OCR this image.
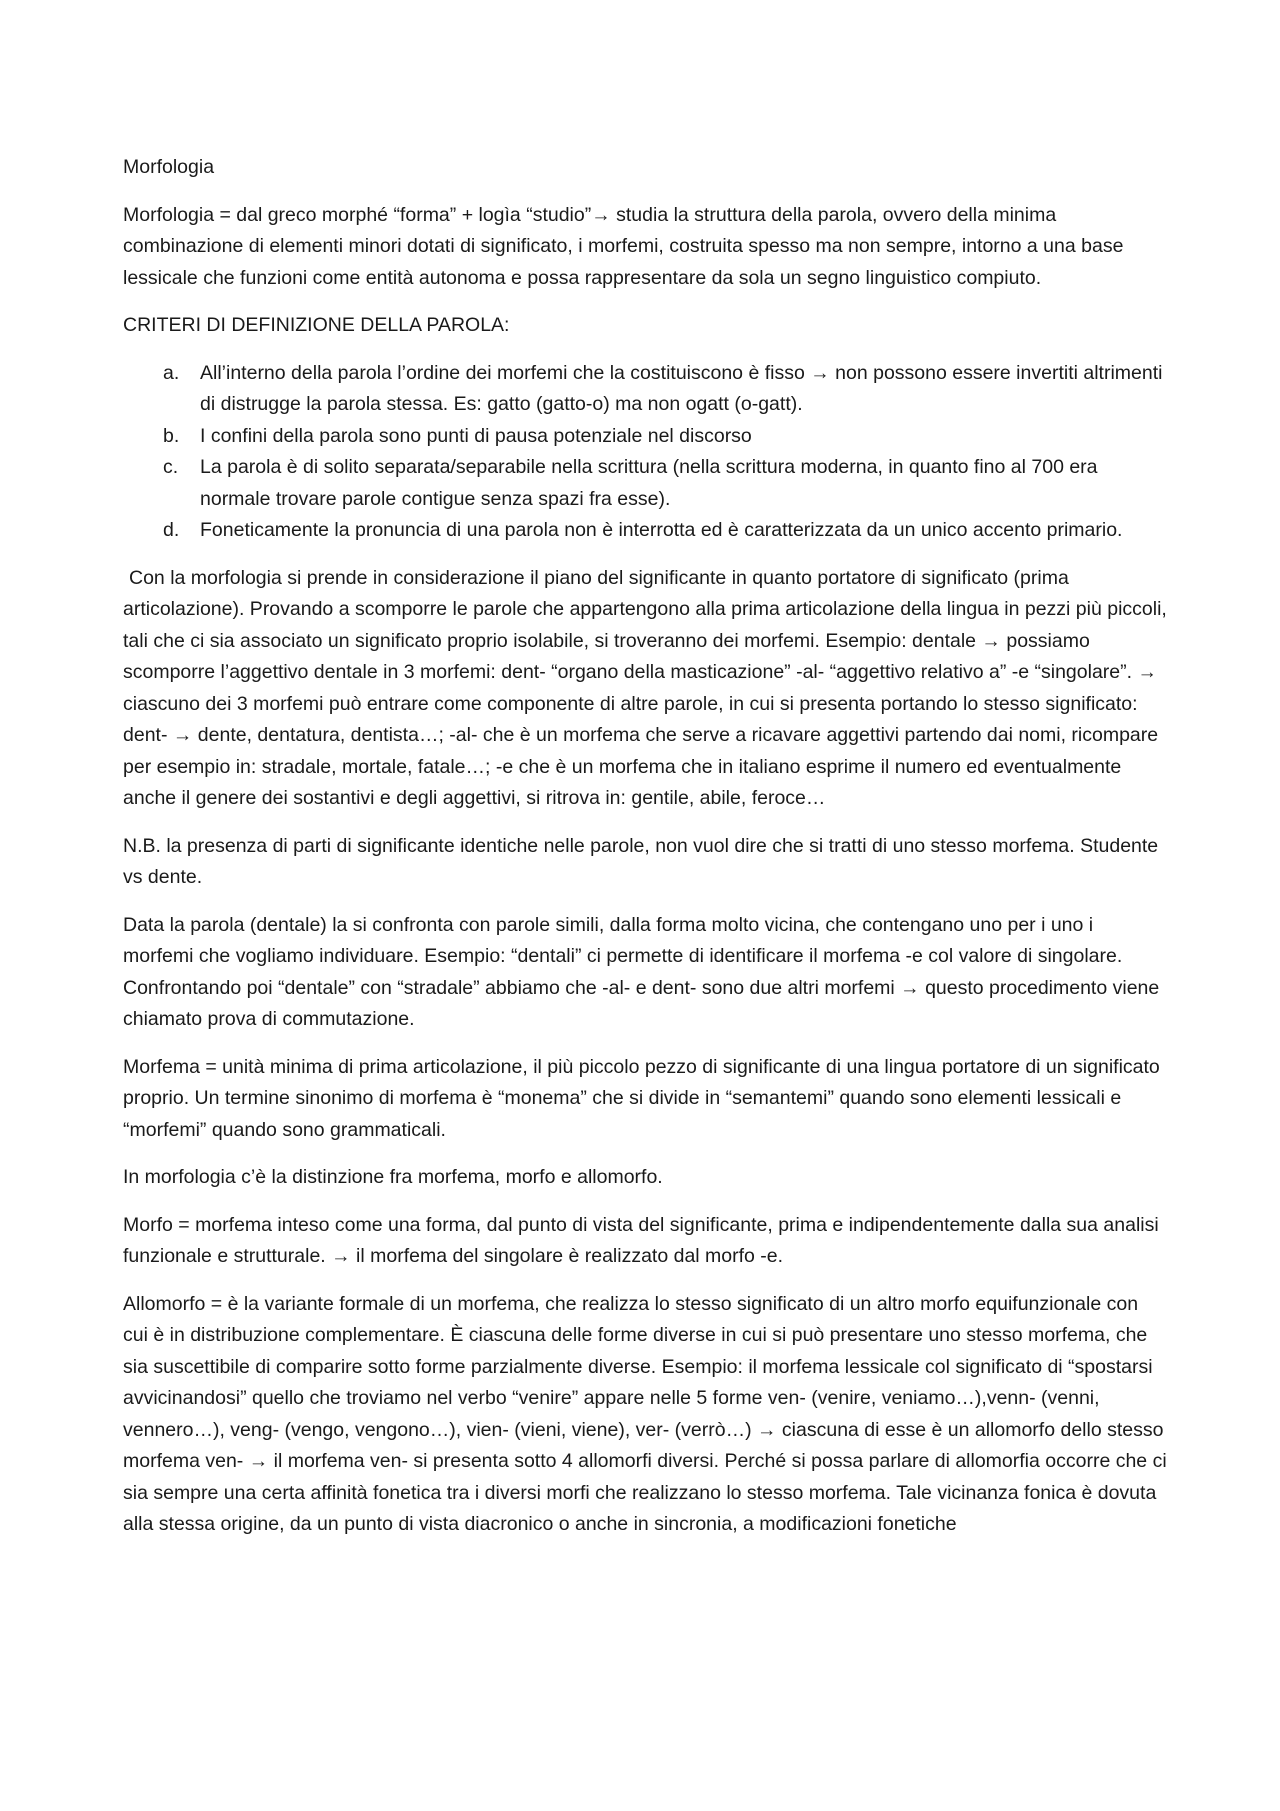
Morfologia

Morfologia = dal greco morphé “forma” + logìa “studio”→ studia la struttura della parola, ovvero della minima combinazione di elementi minori dotati di significato, i morfemi, costruita spesso ma non sempre, intorno a una base lessicale che funzioni come entità autonoma e possa rappresentare da sola un segno linguistico compiuto.

CRITERI DI DEFINIZIONE DELLA PAROLA:

a. All’interno della parola l’ordine dei morfemi che la costituiscono è fisso → non possono essere invertiti altrimenti di distrugge la parola stessa. Es: gatto (gatto-o) ma non ogatt (o-gatt).
b. I confini della parola sono punti di pausa potenziale nel discorso
c. La parola è di solito separata/separabile nella scrittura (nella scrittura moderna, in quanto fino al 700 era normale trovare parole contigue senza spazi fra esse).
d. Foneticamente la pronuncia di una parola non è interrotta ed è caratterizzata da un unico accento primario.

Con la morfologia si prende in considerazione il piano del significante in quanto portatore di significato (prima articolazione). Provando a scomporre le parole che appartengono alla prima articolazione della lingua in pezzi più piccoli, tali che ci sia associato un significato proprio isolabile, si troveranno dei morfemi. Esempio: dentale → possiamo scomporre l’aggettivo dentale in 3 morfemi: dent- “organo della masticazione” -al- “aggettivo relativo a” -e “singolare”. → ciascuno dei 3 morfemi può entrare come componente di altre parole, in cui si presenta portando lo stesso significato: dent- → dente, dentatura, dentista…; -al- che è un morfema che serve a ricavare aggettivi partendo dai nomi, ricompare per esempio in: stradale, mortale, fatale…; -e che è un morfema che in italiano esprime il numero ed eventualmente anche il genere dei sostantivi e degli aggettivi, si ritrova in: gentile, abile, feroce…

N.B. la presenza di parti di significante identiche nelle parole, non vuol dire che si tratti di uno stesso morfema. Studente vs dente.

Data la parola (dentale) la si confronta con parole simili, dalla forma molto vicina, che contengano uno per i uno i morfemi che vogliamo individuare. Esempio: “dentali” ci permette di identificare il morfema -e col valore di singolare. Confrontando poi “dentale” con “stradale” abbiamo che -al- e dent- sono due altri morfemi → questo procedimento viene chiamato prova di commutazione.

Morfema = unità minima di prima articolazione, il più piccolo pezzo di significante di una lingua portatore di un significato proprio. Un termine sinonimo di morfema è “monema” che si divide in “semantemi” quando sono elementi lessicali e “morfemi” quando sono grammaticali.

In morfologia c’è la distinzione fra morfema, morfo e allomorfo.

Morfo = morfema inteso come una forma, dal punto di vista del significante, prima e indipendentemente dalla sua analisi funzionale e strutturale. → il morfema del singolare è realizzato dal morfo -e.

Allomorfo = è la variante formale di un morfema, che realizza lo stesso significato di un altro morfo equifunzionale con cui è in distribuzione complementare. È ciascuna delle forme diverse in cui si può presentare uno stesso morfema, che sia suscettibile di comparire sotto forme parzialmente diverse. Esempio: il morfema lessicale col significato di “spostarsi avvicinandosi” quello che troviamo nel verbo “venire” appare nelle 5 forme ven- (venire, veniamo…),venn- (venni, vennero…), veng- (vengo, vengono…), vien- (vieni, viene), ver- (verrò…) → ciascuna di esse è un allomorfo dello stesso morfema ven- → il morfema ven- si presenta sotto 4 allomorfi diversi. Perché si possa parlare di allomorfia occorre che ci sia sempre una certa affinità fonetica tra i diversi morfi che realizzano lo stesso morfema. Tale vicinanza fonica è dovuta alla stessa origine, da un punto di vista diacronico o anche in sincronia, a modificazioni fonetiche
